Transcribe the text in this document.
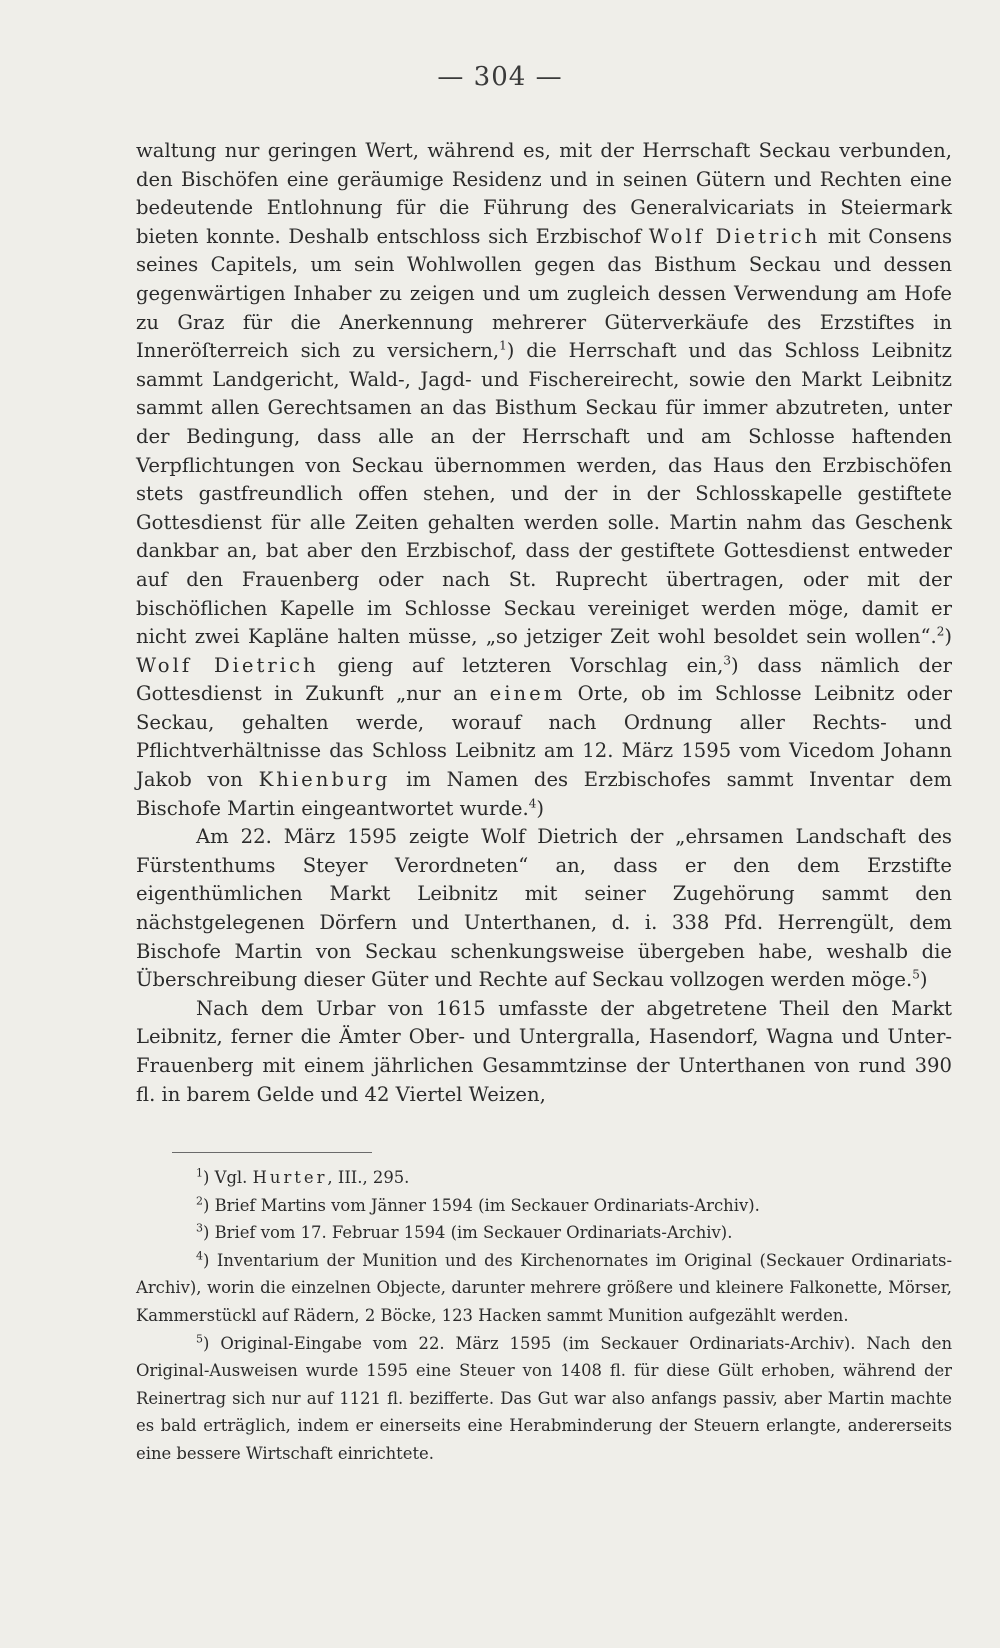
— 304 —

waltung nur geringen Wert, während es, mit der Herrschaft Seckau verbunden, den Bischöfen eine geräumige Residenz und in seinen Gütern und Rechten eine bedeutende Entlohnung für die Führung des Generalvicariats in Steiermark bieten konnte. Deshalb entschloss sich Erzbischof Wolf Dietrich mit Consens seines Capitels, um sein Wohlwollen gegen das Bisthum Seckau und dessen gegenwärtigen Inhaber zu zeigen und um zugleich dessen Verwendung am Hofe zu Graz für die Anerkennung mehrerer Güterverkäufe des Erzstiftes in Inneröſterreich sich zu versichern,$^1$) die Herrschaft und das Schloss Leibnitz sammt Landgericht, Wald-, Jagd- und Fischereirecht, sowie den Markt Leibnitz sammt allen Gerechtsamen an das Bisthum Seckau für immer abzutreten, unter der Bedingung, dass alle an der Herrschaft und am Schlosse haftenden Verpflichtungen von Seckau übernommen werden, das Haus den Erzbischöfen stets gastfreundlich offen stehen, und der in der Schlosskapelle gestiftete Gottesdienst für alle Zeiten gehalten werden solle. Martin nahm das Geschenk dankbar an, bat aber den Erzbischof, dass der gestiftete Gottesdienst entweder auf den Frauenberg oder nach St. Ruprecht übertragen, oder mit der bischöflichen Kapelle im Schlosse Seckau vereiniget werden möge, damit er nicht zwei Kapläne halten müsse, „so jetziger Zeit wohl besoldet sein wollen“.$^2$) Wolf Dietrich gieng auf letzteren Vorschlag ein,$^3$) dass nämlich der Gottesdienst in Zukunft „nur an einem Orte, ob im Schlosse Leibnitz oder Seckau, gehalten werde, worauf nach Ordnung aller Rechts- und Pflichtverhältnisse das Schloss Leibnitz am 12. März 1595 vom Vicedom Johann Jakob von Khienburg im Namen des Erzbischofes sammt Inventar dem Bischofe Martin eingeantwortet wurde.$^4$)

Am 22. März 1595 zeigte Wolf Dietrich der „ehrsamen Landschaft des Fürstenthums Steyer Verordneten“ an, dass er den dem Erzstifte eigenthümlichen Markt Leibnitz mit seiner Zugehörung sammt den nächstgelegenen Dörfern und Unterthanen, d. i. 338 Pfd. Herrengült, dem Bischofe Martin von Seckau schenkungsweise übergeben habe, weshalb die Überschreibung dieser Güter und Rechte auf Seckau vollzogen werden möge.$^5$)

Nach dem Urbar von 1615 umfasste der abgetretene Theil den Markt Leibnitz, ferner die Ämter Ober- und Untergralla, Hasendorf, Wagna und Unter-Frauenberg mit einem jährlichen Gesammtzinse der Unterthanen von rund 390 fl. in barem Gelde und 42 Viertel Weizen,

$^1$) Vgl. Hurter, III., 295.

$^2$) Brief Martins vom Jänner 1594 (im Seckauer Ordinariats-Archiv).

$^3$) Brief vom 17. Februar 1594 (im Seckauer Ordinariats-Archiv).

$^4$) Inventarium der Munition und des Kirchenornates im Original (Seckauer Ordinariats-Archiv), worin die einzelnen Objecte, darunter mehrere größere und kleinere Falkonette, Mörser, Kammerstückl auf Rädern, 2 Böcke, 123 Hacken sammt Munition aufgezählt werden.

$^5$) Original-Eingabe vom 22. März 1595 (im Seckauer Ordinariats-Archiv). Nach den Original-Ausweisen wurde 1595 eine Steuer von 1408 fl. für diese Gült erhoben, während der Reinertrag sich nur auf 1121 fl. bezifferte. Das Gut war also anfangs passiv, aber Martin machte es bald erträglich, indem er einerseits eine Herabminderung der Steuern erlangte, andererseits eine bessere Wirtschaft einrichtete.
